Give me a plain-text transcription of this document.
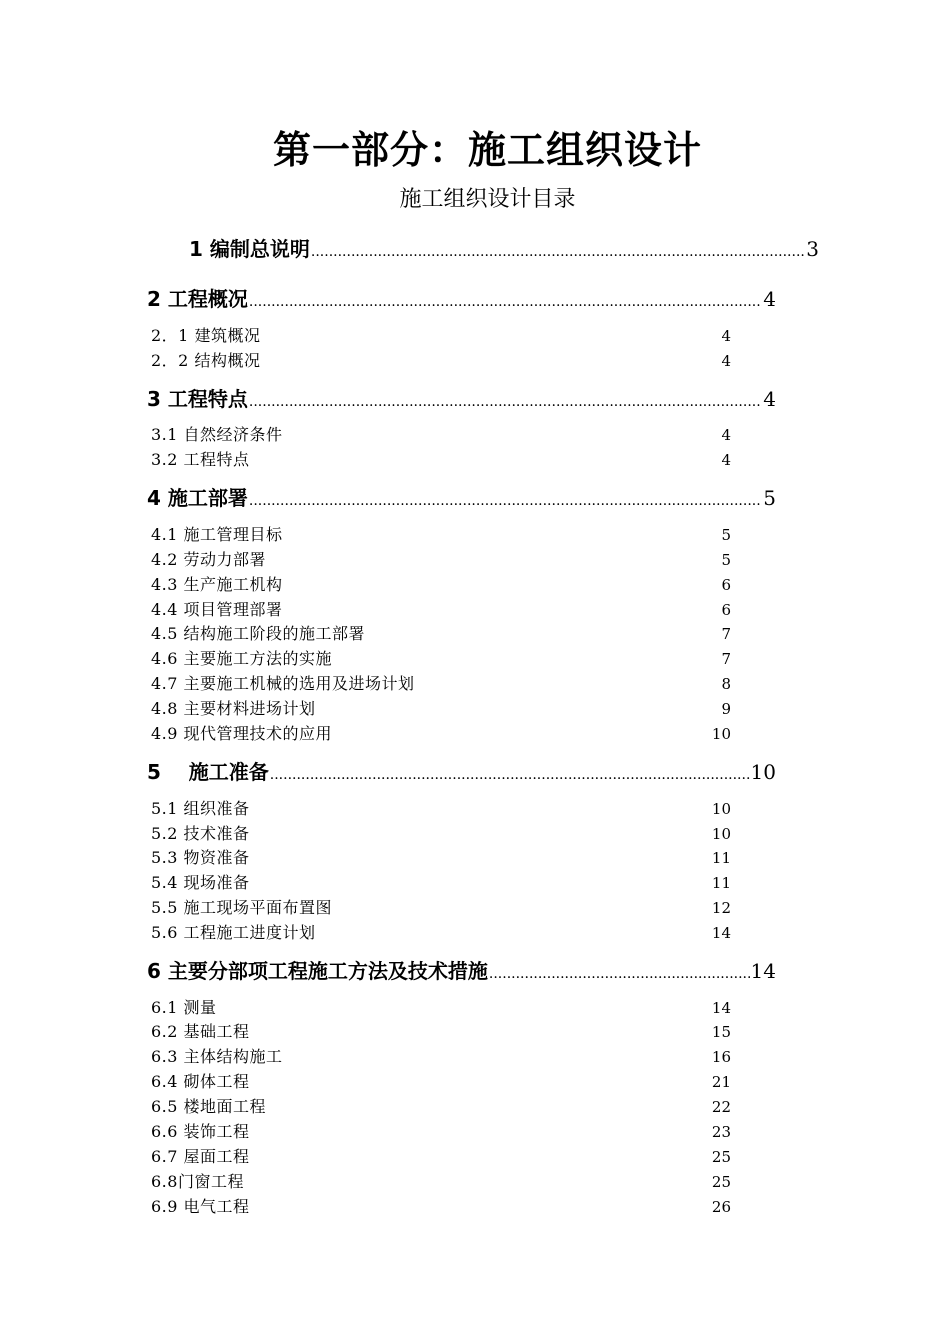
第一部分：施工组织设计
施工组织设计目录
1 编制总说明 .....	3
2 工程概况 .....	4
2．1 建筑概况	4
2．2 结构概况	4
3 工程特点 .....	4
3.1 自然经济条件	4
3.2 工程特点	4
4 施工部署 .....	5
4.1 施工管理目标	5
4.2 劳动力部署	5
4.3 生产施工机构	6
4.4 项目管理部署	6
4.5 结构施工阶段的施工部署	7
4.6 主要施工方法的实施	7
4.7 主要施工机械的选用及进场计划	8
4.8 主要材料进场计划	9
4.9 现代管理技术的应用	10
5    施工准备 .....	10
5.1 组织准备	10
5.2 技术准备	10
5.3 物资准备	11
5.4 现场准备	11
5.5 施工现场平面布置图	12
5.6 工程施工进度计划	14
6 主要分部项工程施工方法及技术措施 .....	14
6.1 测量	14
6.2 基础工程	15
6.3 主体结构施工	16
6.4 砌体工程	21
6.5 楼地面工程	22
6.6 装饰工程	23
6.7 屋面工程	25
6.8门窗工程	25
6.9 电气工程	26
